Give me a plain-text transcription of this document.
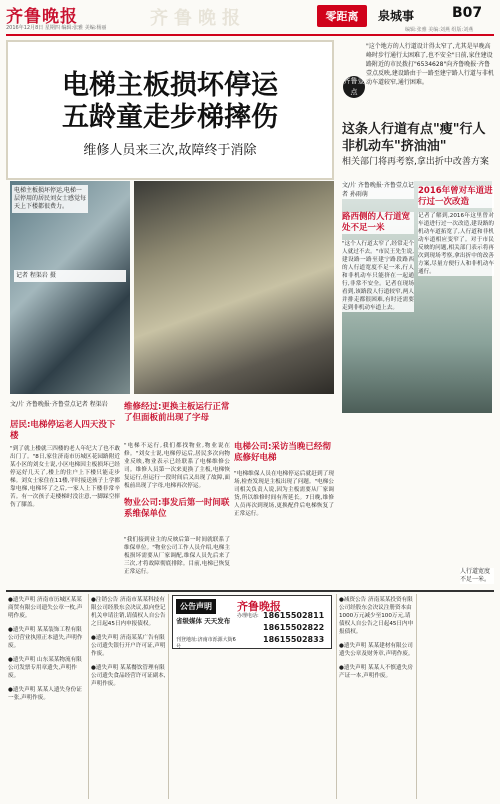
齐鲁晚报
2016年12月8日 星期四 编辑:张雅 美编:杨丽 齐鲁晚报	零距离	泉城事	B07
编辑:张雅 美编:刘燕 组版:刘燕
电梯主板损坏停运
五龄童走步梯摔伤
维修人员来三次,故障终于消除
"这个地方的人行道设计得太窄了,尤其是早晚高峰时步行通行太困难了,也不安全"日前,家住建设路附近的市民拨打"6534628"向齐鲁晚报·齐鲁壹点反映,建设路由于一路至建宁路人行道与非机动车道较窄,通行困难。
齐鲁壹点
这条人行道有点"瘦"行人非机动车"挤油油"
相关部门将再考察,拿出折中改善方案
电梯主板损坏停运,电梯一层停用的居民刘女士感觉每天上下楼都很费力。
记者 程渠岩 摄
文/片 齐鲁晚报·齐鲁壹点记者 程渠岩
居民:电梯停运老人四天没下楼
"到了就上楼就三四楼的老人年纪大了也不敢出门了。"8日,家住济南市历城区花园路附近某小区的刘女士说,小区电梯因主板损坏已经停运好几天了,楼上的住户上下楼只能走步梯。刘女士家住在11楼,平时接送孩子上学都靠电梯,电梯坏了之后,一家人上下楼非常辛苦。有一次孩子走楼梯时没注意,一脚踩空摔伤了膝盖。
维修经过:更换主板运行正常了但面板前出现了字母
"电梯不运行,我们都找物业,物业说在修。"刘女士说,电梯停运后,居民多次向物业反映,物业表示已经联系了电梯维修公司。维修人员第一次来更换了主板,电梯恢复运行,但运行一段时间后又出现了故障,面板前出现了字母,电梯再次停运。
物业公司:事发后第一时间联系维保单位
"我们接到业主的反映后第一时间就联系了维保单位。"物业公司工作人员介绍,电梯主板损坏需要从厂家调配,维保人员先后来了三次,才将故障彻底排除。目前,电梯已恢复正常运行。
电梯公司:采访当晚已经彻底修好电梯
"电梯维保人员在电梯停运后就赶到了现场,检查发现是主板出现了问题。"电梯公司相关负责人说,因为主板需要从厂家调货,所以维修时间有所延长。7日晚,维修人员再次到现场,更换配件后电梯恢复了正常运行。
文/片 齐鲁晚报·齐鲁壹点记者 孙雨萌
路西侧的人行道宽处不足一米
"这个人行道太窄了,经常走个人就过不去。"市民王先生说,建设路一路至建宁路段路西的人行道宽度不足一米,行人和非机动车只能挤在一起通行,非常不安全。记者在现场看到,该路段人行道较窄,两人并排走都很困难,有时还需要走到非机动车道上去。
2016年曾对车道进行过一次改造
记者了解到,2016年这里曾对车道进行过一次改造,建设路的机动车道拓宽了,人行道和非机动车道相应变窄了。对于市民反映的问题,相关部门表示将再次到现场考察,拿出折中的改善方案,尽量方便行人和非机动车通行。
人行道宽度不足一米。
●遗失声明 济南市历城区某某商贸有限公司遗失公章一枚,声明作废。
●遗失声明 某某装饰工程有限公司营业执照正本遗失,声明作废。
●遗失声明 山东某某物流有限公司发票专用章遗失,声明作废。
●遗失声明 某某人遗失身份证一张,声明作废。
●注销公告 济南市某某科技有限公司经股东会决议,拟向登记机关申请注销,请债权人自公告之日起45日内申报债权。
●遗失声明 济南某某广告有限公司遗失银行开户许可证,声明作废。
●遗失声明 某某餐饮管理有限公司遗失食品经营许可证副本,声明作废。
公告声明	齐鲁晚报
省级媒体 天天发布
刊登地址:济南市泺源大街6号
办理电话: 18615502811
18615502822
18615502833
●减资公告 济南某某投资有限公司经股东会决议注册资本由1000万元减少至100万元,请债权人自公告之日起45日内申报债权。
●遗失声明 某某建材有限公司遗失公章及财务章,声明作废。
●遗失声明 某某人不慎遗失房产证一本,声明作废。
